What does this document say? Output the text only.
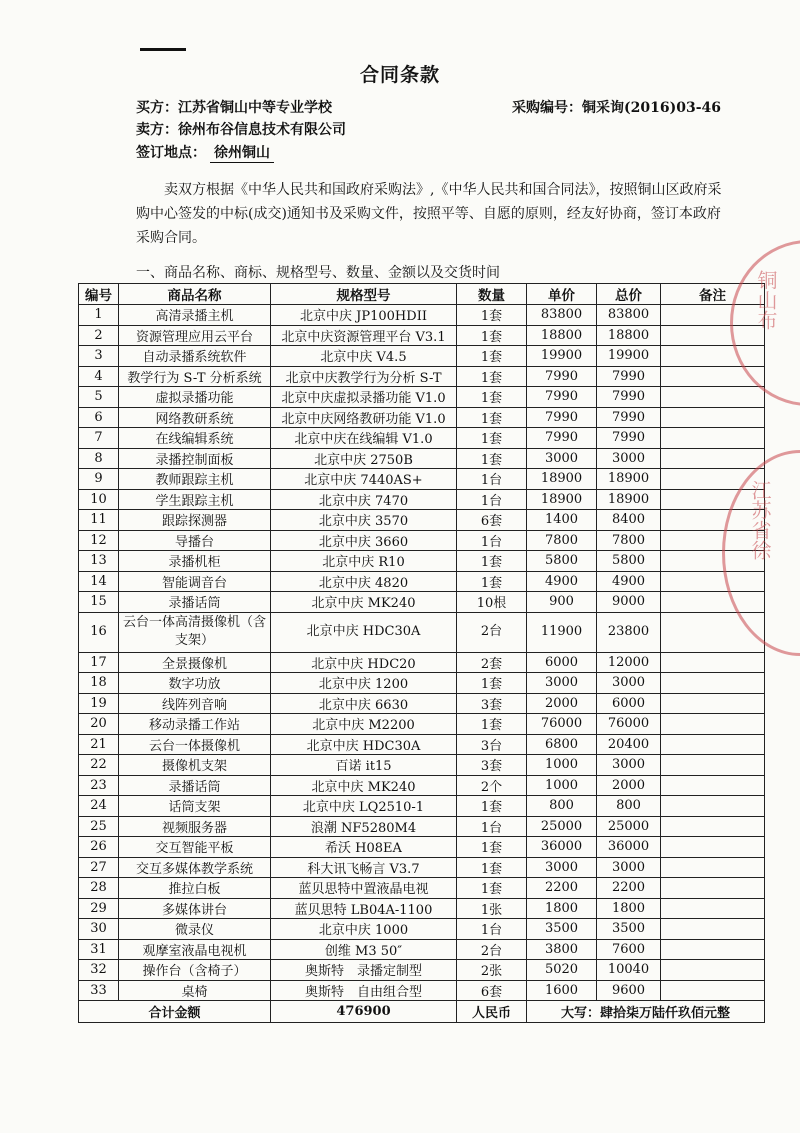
合同条款
买方：江苏省铜山中等专业学校	采购编号：铜采询(2016)03-46
卖方：徐州布谷信息技术有限公司
签订地点： 徐州铜山
卖双方根据《中华人民共和国政府采购法》,《中华人民共和国合同法》，按照铜山区政府采购中心签发的中标(成交)通知书及采购文件，按照平等、自愿的原则，经友好协商，签订本政府采购合同。
一、商品名称、商标、规格型号、数量、金额以及交货时间
编号	商品名称	规格型号	数量	单价	总价	备注
1	高清录播主机	北京中庆 JP100HDII	1套	83800	83800	
2	资源管理应用云平台	北京中庆资源管理平台 V3.1	1套	18800	18800	
3	自动录播系统软件	北京中庆 V4.5	1套	19900	19900	
4	教学行为 S-T 分析系统	北京中庆教学行为分析 S-T	1套	7990	7990	
5	虚拟录播功能	北京中庆虚拟录播功能 V1.0	1套	7990	7990	
6	网络教研系统	北京中庆网络教研功能 V1.0	1套	7990	7990	
7	在线编辑系统	北京中庆在线编辑 V1.0	1套	7990	7990	
8	录播控制面板	北京中庆 2750B	1套	3000	3000	
9	教师跟踪主机	北京中庆 7440AS+	1台	18900	18900	
10	学生跟踪主机	北京中庆 7470	1台	18900	18900	
11	跟踪探测器	北京中庆 3570	6套	1400	8400	
12	导播台	北京中庆 3660	1台	7800	7800	
13	录播机柜	北京中庆 R10	1套	5800	5800	
14	智能调音台	北京中庆 4820	1套	4900	4900	
15	录播话筒	北京中庆 MK240	10根	900	9000	
16	云台一体高清摄像机（含支架）	北京中庆 HDC30A	2台	11900	23800	
17	全景摄像机	北京中庆 HDC20	2套	6000	12000	
18	数字功放	北京中庆 1200	1套	3000	3000	
19	线阵列音响	北京中庆 6630	3套	2000	6000	
20	移动录播工作站	北京中庆 M2200	1套	76000	76000	
21	云台一体摄像机	北京中庆 HDC30A	3台	6800	20400	
22	摄像机支架	百诺 it15	3套	1000	3000	
23	录播话筒	北京中庆 MK240	2个	1000	2000	
24	话筒支架	北京中庆 LQ2510-1	1套	800	800	
25	视频服务器	浪潮 NF5280M4	1台	25000	25000	
26	交互智能平板	希沃 H08EA	1套	36000	36000	
27	交互多媒体教学系统	科大讯飞畅言 V3.7	1套	3000	3000	
28	推拉白板	蓝贝思特中置液晶电视	1套	2200	2200	
29	多媒体讲台	蓝贝思特 LB04A-1100	1张	1800	1800	
30	微录仪	北京中庆 1000	1台	3500	3500	
31	观摩室液晶电视机	创维 M3 50″	2台	3800	7600	
32	操作台（含椅子）	奥斯特　录播定制型	2张	5020	10040	
33	桌椅	奥斯特　自由组合型	6套	1600	9600	
合计金额		476900	人民币	大写：肆拾柒万陆仟玖佰元整		
铜山布
江苏省徐
